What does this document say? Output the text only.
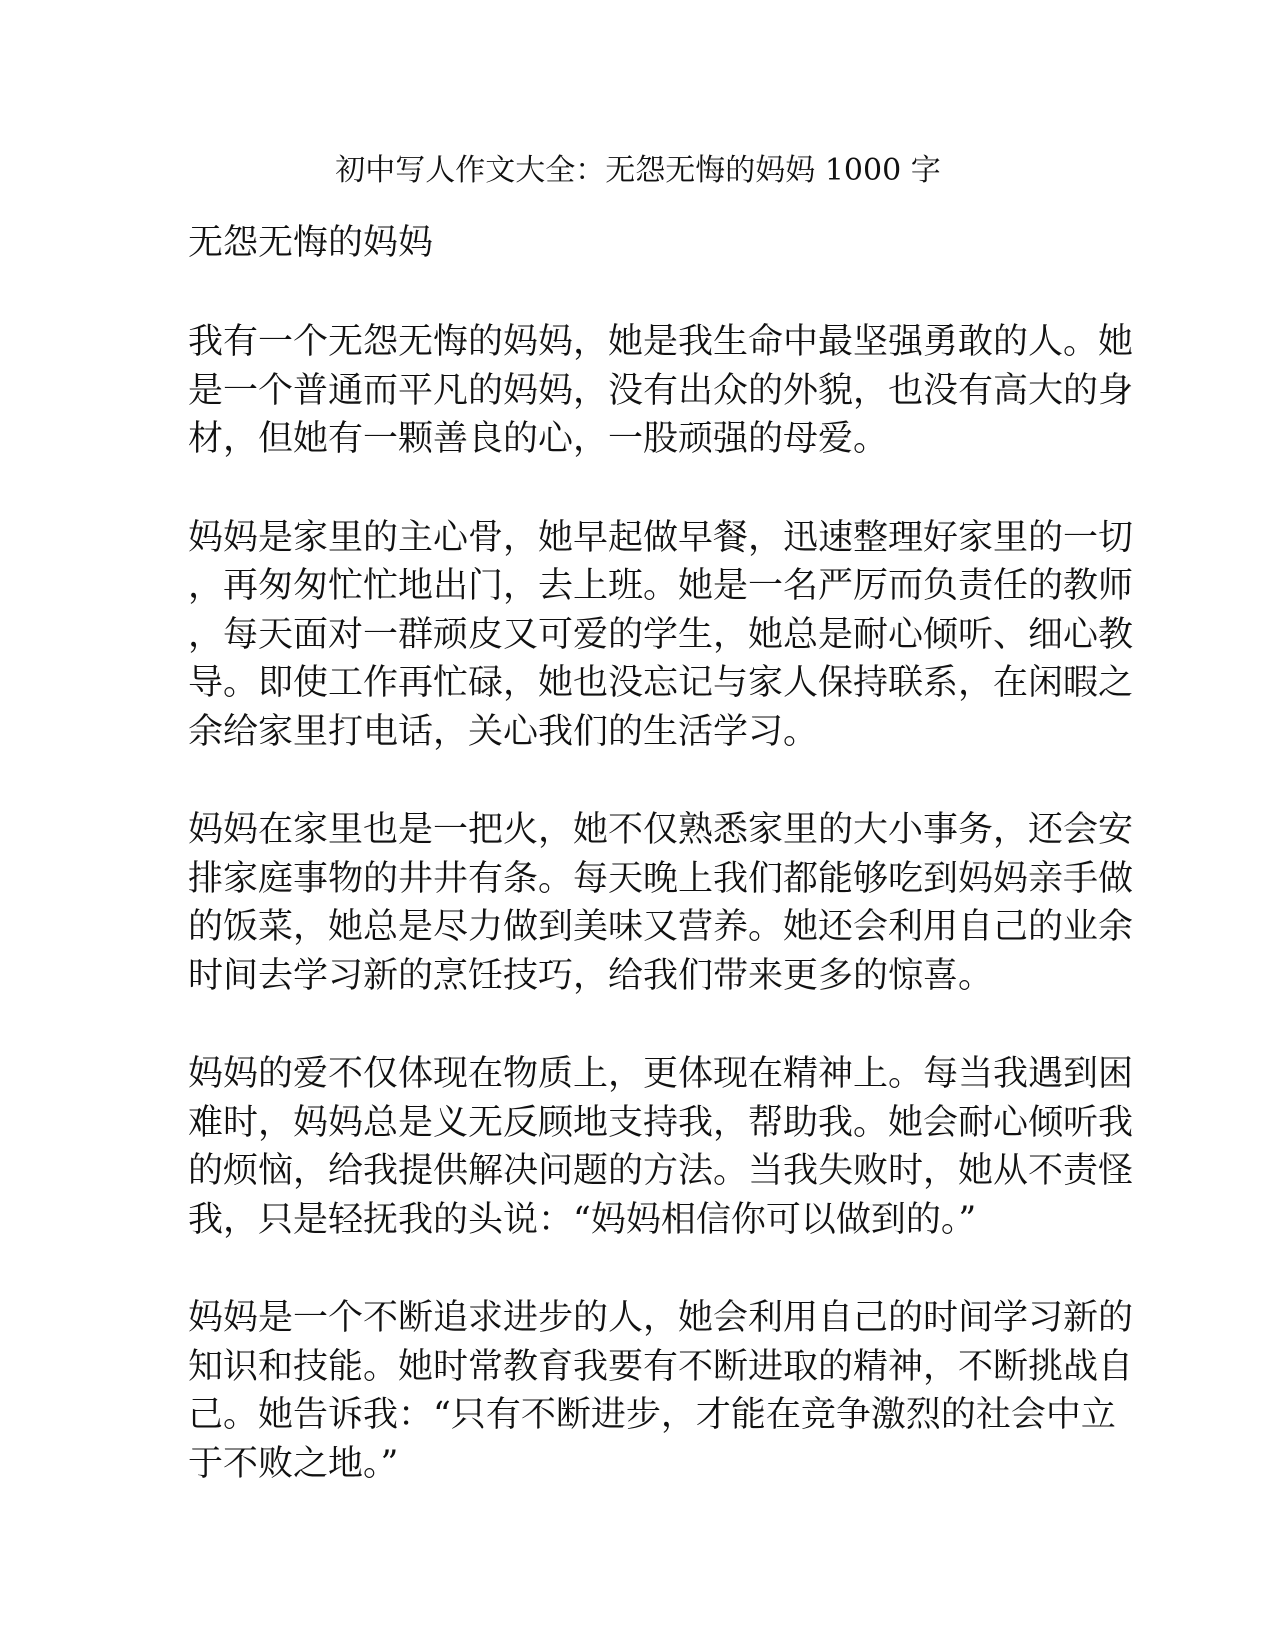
初中写人作文大全：无怨无悔的妈妈 1000 字

无怨无悔的妈妈

我有一个无怨无悔的妈妈，她是我生命中最坚强勇敢的人。她
是一个普通而平凡的妈妈，没有出众的外貌，也没有高大的身
材，但她有一颗善良的心，一股顽强的母爱。

妈妈是家里的主心骨，她早起做早餐，迅速整理好家里的一切
，再匆匆忙忙地出门，去上班。她是一名严厉而负责任的教师
，每天面对一群顽皮又可爱的学生，她总是耐心倾听、细心教
导。即使工作再忙碌，她也没忘记与家人保持联系，在闲暇之
余给家里打电话，关心我们的生活学习。

妈妈在家里也是一把火，她不仅熟悉家里的大小事务，还会安
排家庭事物的井井有条。每天晚上我们都能够吃到妈妈亲手做
的饭菜，她总是尽力做到美味又营养。她还会利用自己的业余
时间去学习新的烹饪技巧，给我们带来更多的惊喜。

妈妈的爱不仅体现在物质上，更体现在精神上。每当我遇到困
难时，妈妈总是义无反顾地支持我，帮助我。她会耐心倾听我
的烦恼，给我提供解决问题的方法。当我失败时，她从不责怪
我，只是轻抚我的头说：“妈妈相信你可以做到的。”

妈妈是一个不断追求进步的人，她会利用自己的时间学习新的
知识和技能。她时常教育我要有不断进取的精神，不断挑战自
己。她告诉我：“只有不断进步，才能在竞争激烈的社会中立
于不败之地。”
